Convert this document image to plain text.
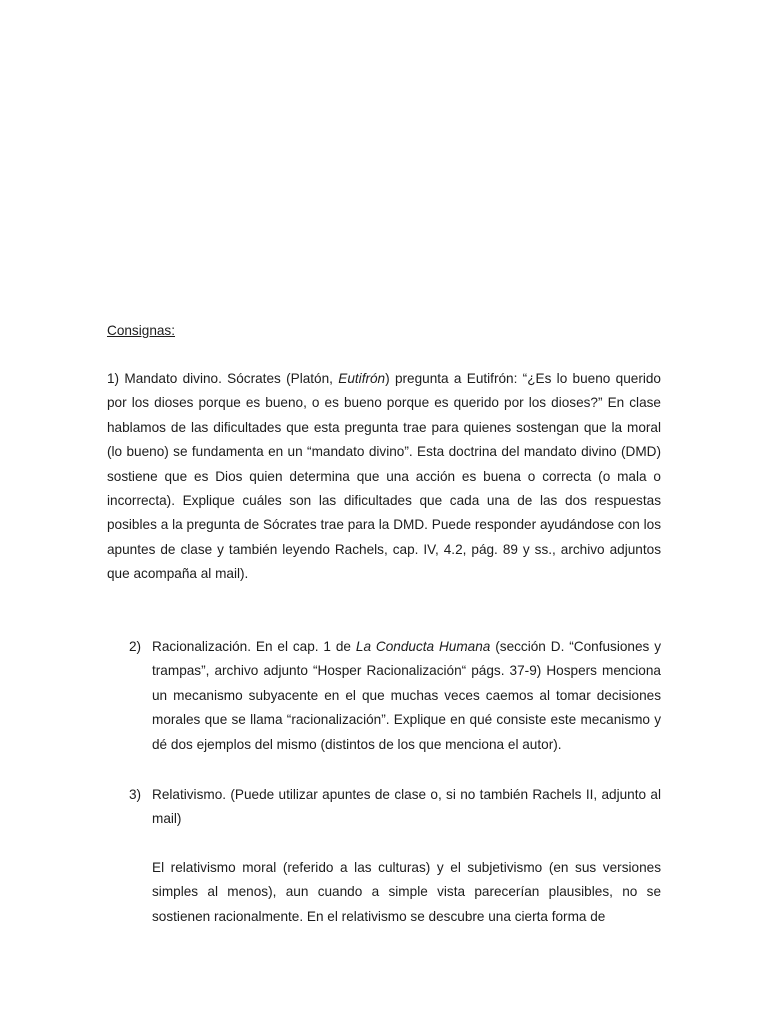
Consignas:
1) Mandato divino. Sócrates (Platón, Eutifrón) pregunta a Eutifrón: “¿Es lo bueno querido por los dioses porque es bueno, o es bueno porque es querido por los dioses?” En clase hablamos de las dificultades que esta pregunta trae para quienes sostengan que la moral (lo bueno) se fundamenta en un “mandato divino”. Esta doctrina del mandato divino (DMD) sostiene que es Dios quien determina que una acción es buena o correcta (o mala o incorrecta). Explique cuáles son las dificultades que cada una de las dos respuestas posibles a la pregunta de Sócrates trae para la DMD. Puede responder ayudándose con los apuntes de clase y también leyendo Rachels, cap. IV, 4.2, pág. 89 y ss., archivo adjuntos que acompaña al mail).
2) Racionalización. En el cap. 1 de La Conducta Humana (sección D. “Confusiones y trampas”, archivo adjunto “Hosper Racionalización“ págs. 37-9) Hospers menciona un mecanismo subyacente en el que muchas veces caemos al tomar decisiones morales que se llama “racionalización”. Explique en qué consiste este mecanismo y dé dos ejemplos del mismo (distintos de los que menciona el autor).
3) Relativismo. (Puede utilizar apuntes de clase o, si no también Rachels II, adjunto al mail)
El relativismo moral (referido a las culturas) y el subjetivismo (en sus versiones simples al menos), aun cuando a simple vista parecerían plausibles, no se sostienen racionalmente. En el relativismo se descubre una cierta forma de
